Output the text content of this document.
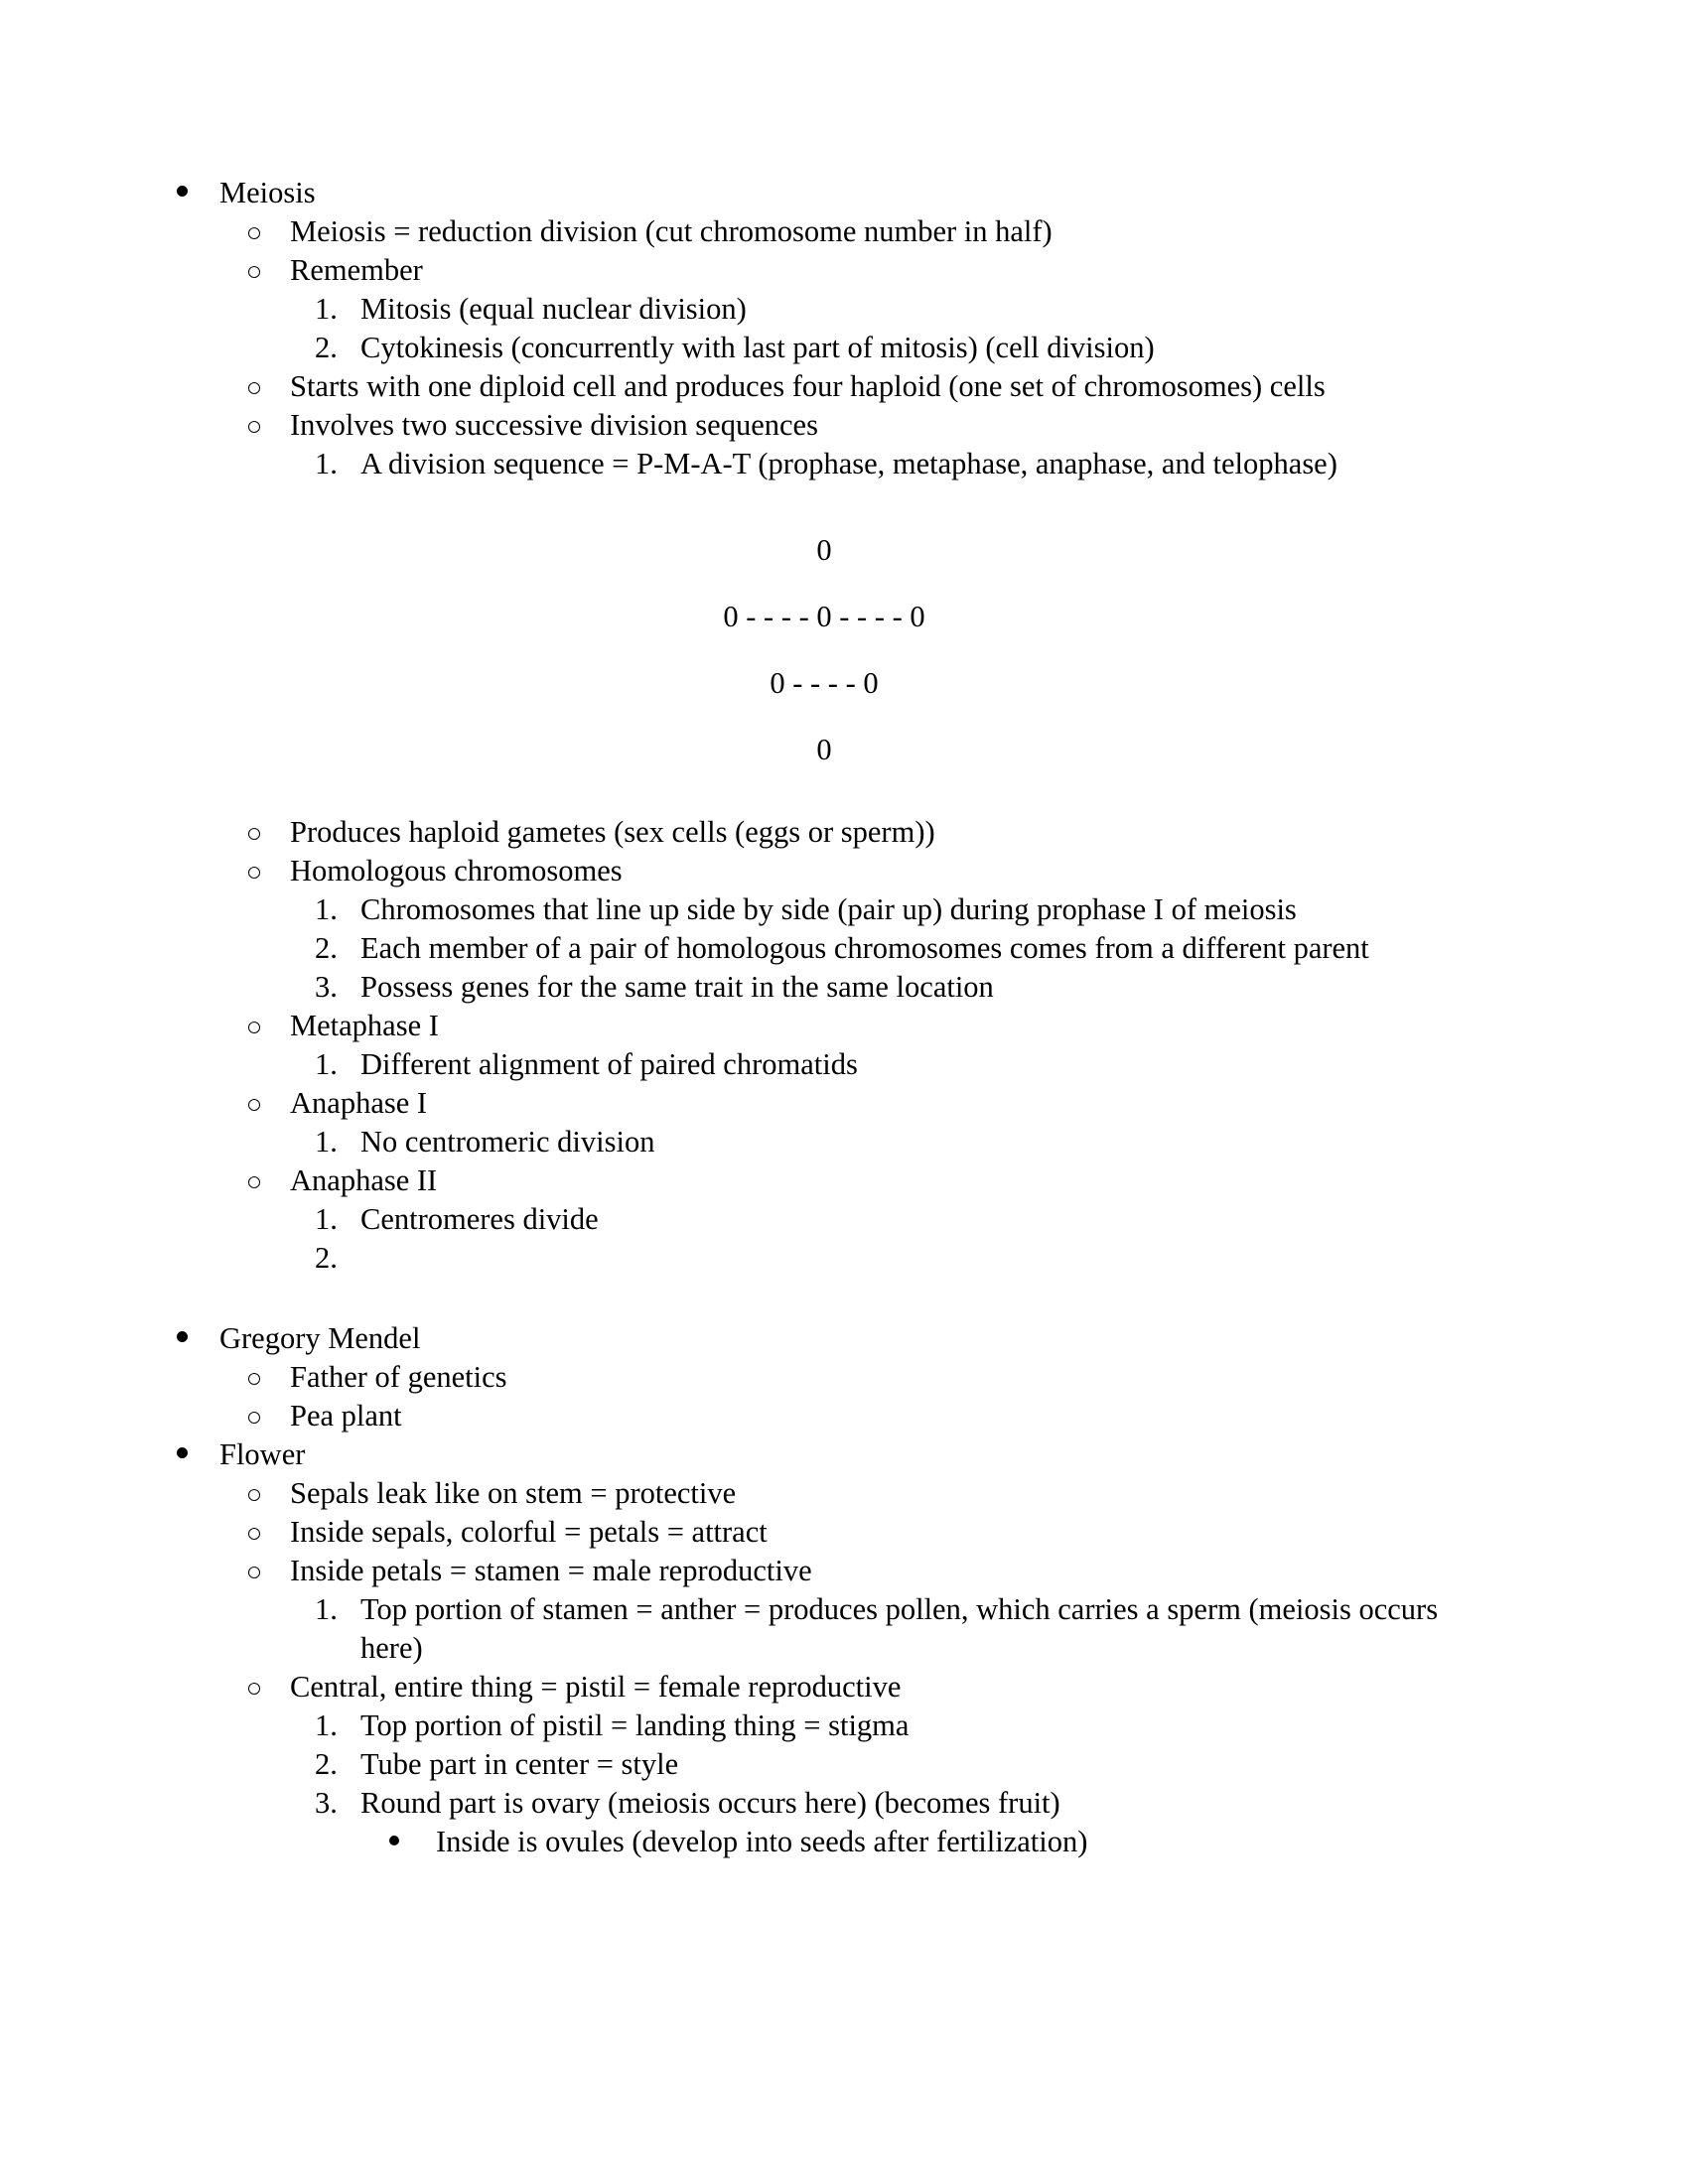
Meiosis
Meiosis = reduction division (cut chromosome number in half)
Remember
1. Mitosis (equal nuclear division)
2. Cytokinesis (concurrently with last part of mitosis) (cell division)
Starts with one diploid cell and produces four haploid (one set of chromosomes) cells
Involves two successive division sequences
1. A division sequence = P-M-A-T (prophase, metaphase, anaphase, and telophase)
0
0 - - - - 0 - - - - 0
0 - - - - 0
0
Produces haploid gametes (sex cells (eggs or sperm))
Homologous chromosomes
1. Chromosomes that line up side by side (pair up) during prophase I of meiosis
2. Each member of a pair of homologous chromosomes comes from a different parent
3. Possess genes for the same trait in the same location
Metaphase I
1. Different alignment of paired chromatids
Anaphase I
1. No centromeric division
Anaphase II
1. Centromeres divide
2.
Gregory Mendel
Father of genetics
Pea plant
Flower
Sepals leak like on stem = protective
Inside sepals, colorful = petals = attract
Inside petals = stamen = male reproductive
1. Top portion of stamen = anther = produces pollen, which carries a sperm (meiosis occurs here)
Central, entire thing = pistil = female reproductive
1. Top portion of pistil = landing thing = stigma
2. Tube part in center = style
3. Round part is ovary (meiosis occurs here) (becomes fruit)
Inside is ovules (develop into seeds after fertilization)
